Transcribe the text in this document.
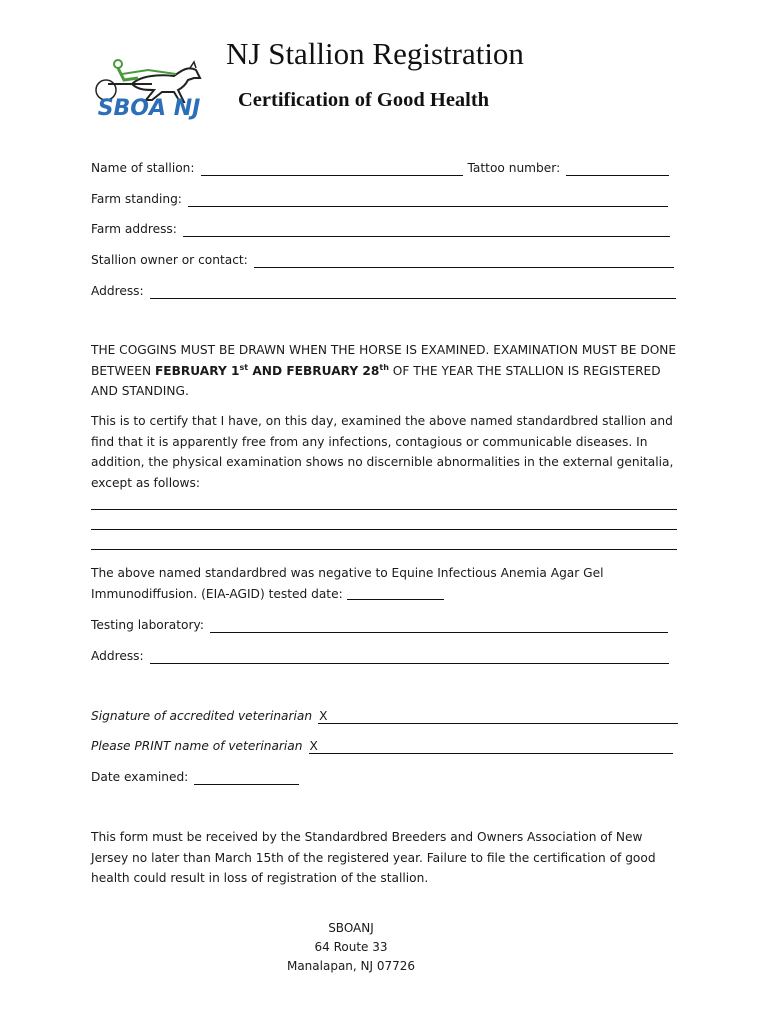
SBOA NJ
NJ Stallion Registration
Certification of Good Health
Name of stallion:	Tattoo number:
Farm standing:
Farm address:
Stallion owner or contact:
Address:
THE COGGINS MUST BE DRAWN WHEN THE HORSE IS EXAMINED. EXAMINATION MUST BE DONE BETWEEN FEBRUARY 1st AND FEBRUARY 28th OF THE YEAR THE STALLION IS REGISTERED AND STANDING.
This is to certify that I have, on this day, examined the above named standardbred stallion and find that it is apparently free from any infections, contagious or communicable diseases. In addition, the physical examination shows no discernible abnormalities in the external genitalia, except as follows:
The above named standardbred was negative to Equine Infectious Anemia Agar Gel Immunodiffusion. (EIA-AGID) tested date:
Testing laboratory:
Address:
Signature of accredited veterinarian X
Please PRINT name of veterinarian X
Date examined:
This form must be received by the Standardbred Breeders and Owners Association of New Jersey no later than March 15th of the registered year. Failure to file the certification of good health could result in loss of registration of the stallion.
SBOANJ
64 Route 33
Manalapan, NJ 07726
